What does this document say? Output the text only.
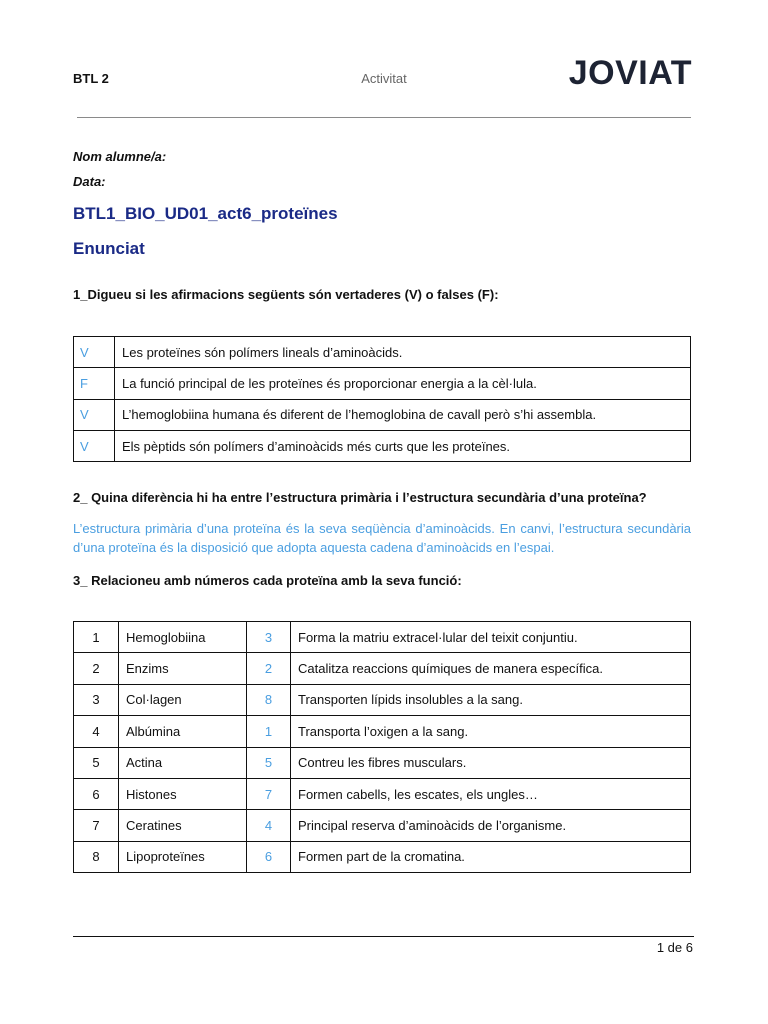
BTL 2	Activitat	JOVIAT
Nom alumne/a:
Data:
BTL1_BIO_UD01_act6_proteïnes
Enunciat
1_Digueu si les afirmacions següents són vertaderes (V) o falses (F):
V	Les proteïnes són polímers lineals d’aminoàcids.
F	La funció principal de les proteïnes és proporcionar energia a la cèl·lula.
V	L’hemoglobiina humana és diferent de l’hemoglobina de cavall però s’hi assembla.
V	Els pèptids són polímers d’aminoàcids més curts que les proteïnes.
2_ Quina diferència hi ha entre l’estructura primària i l’estructura secundària d’una proteïna?
L’estructura primària d’una proteïna és la seva seqüència d’aminoàcids. En canvi, l’estructura secundària d’una proteïna és la disposició que adopta aquesta cadena d’aminoàcids en l’espai.
3_ Relacioneu amb números cada proteïna amb la seva funció:
1	Hemoglobiina	3	Forma la matriu extracel·lular del teixit conjuntiu.
2	Enzims	2	Catalitza reaccions químiques de manera específica.
3	Col·lagen	8	Transporten lípids insolubles a la sang.
4	Albúmina	1	Transporta l’oxigen a la sang.
5	Actina	5	Contreu les fibres musculars.
6	Histones	7	Formen cabells, les escates, els ungles…
7	Ceratines	4	Principal reserva d’aminoàcids de l’organisme.
8	Lipoproteïnes	6	Formen part de la cromatina.
1 de 6
